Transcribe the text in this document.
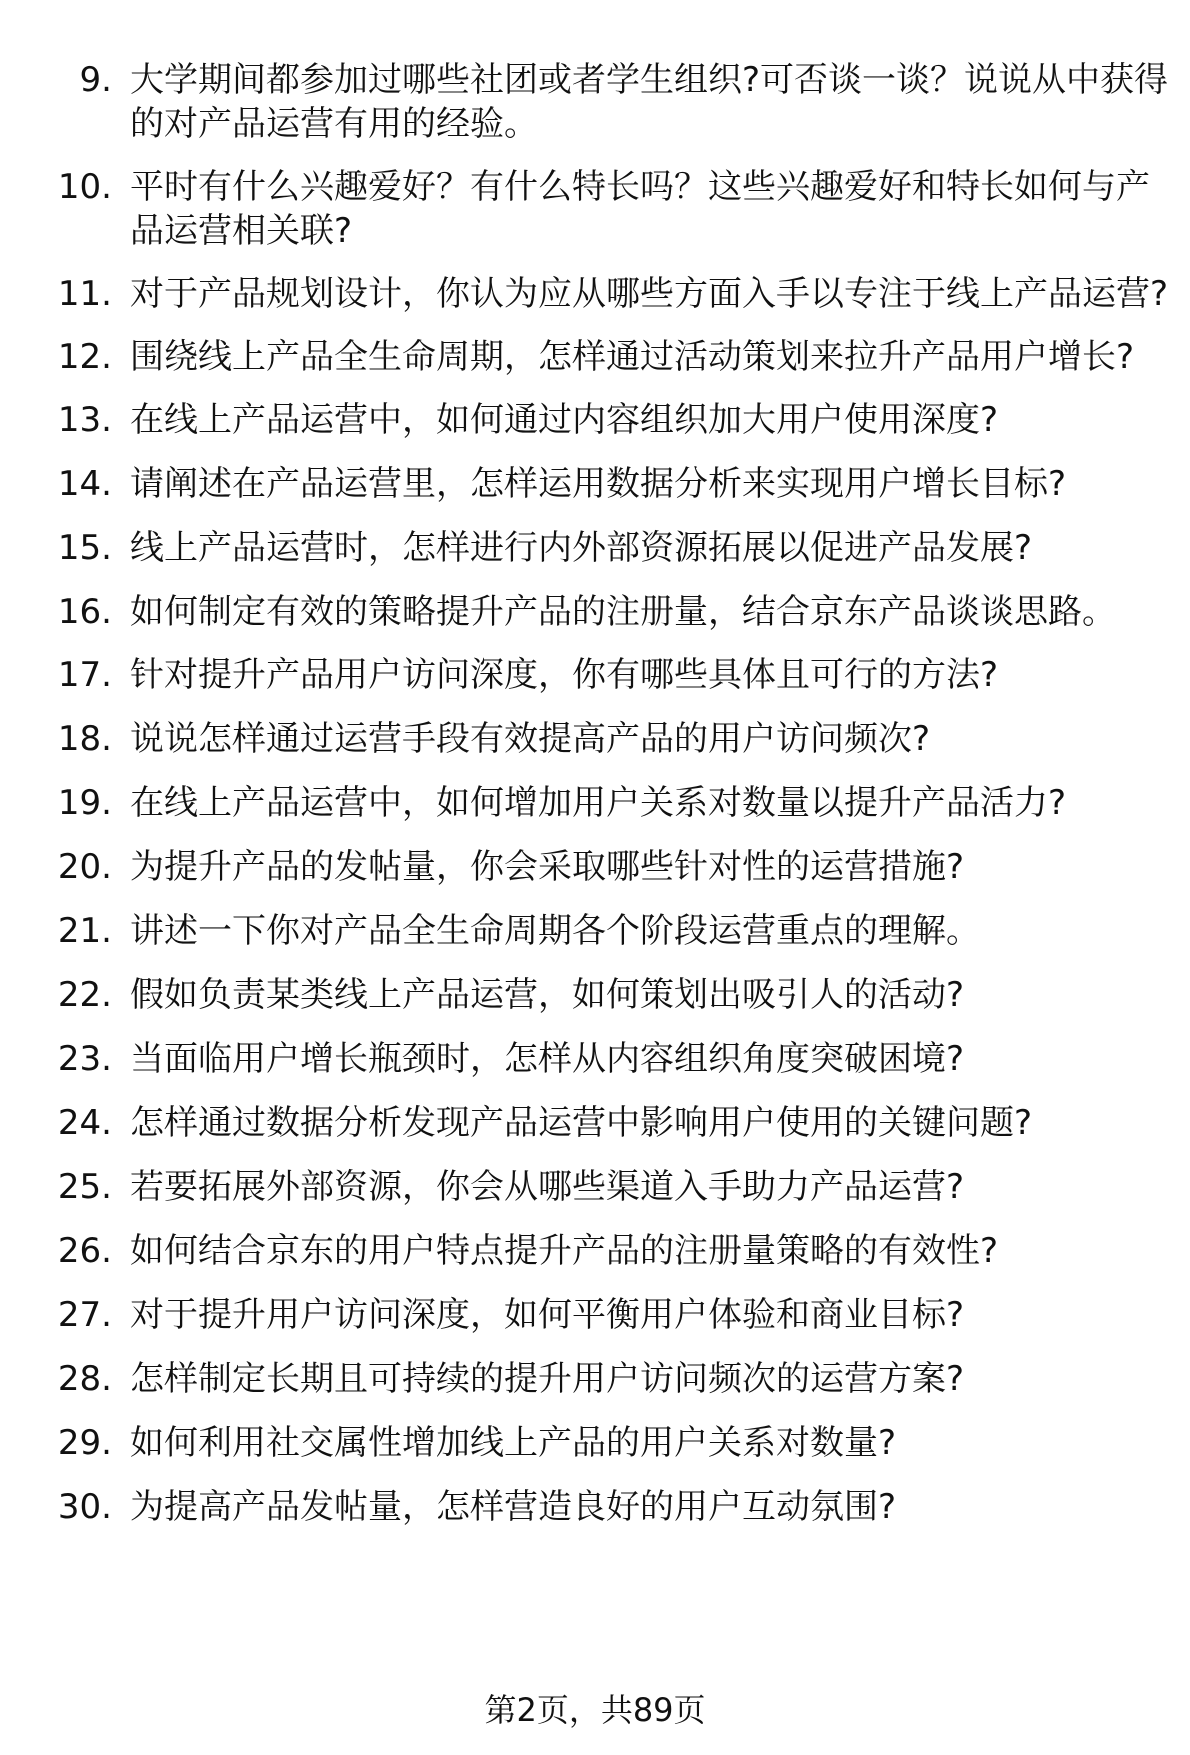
9. 大学期间都参加过哪些社团或者学生组织?可否谈一谈？说说从中获得的对产品运营有用的经验。
10. 平时有什么兴趣爱好？有什么特长吗？这些兴趣爱好和特长如何与产品运营相关联?
11. 对于产品规划设计，你认为应从哪些方面入手以专注于线上产品运营?
12. 围绕线上产品全生命周期，怎样通过活动策划来拉升产品用户增长?
13. 在线上产品运营中，如何通过内容组织加大用户使用深度?
14. 请阐述在产品运营里，怎样运用数据分析来实现用户增长目标?
15. 线上产品运营时，怎样进行内外部资源拓展以促进产品发展?
16. 如何制定有效的策略提升产品的注册量，结合京东产品谈谈思路。
17. 针对提升产品用户访问深度，你有哪些具体且可行的方法?
18. 说说怎样通过运营手段有效提高产品的用户访问频次?
19. 在线上产品运营中，如何增加用户关系对数量以提升产品活力?
20. 为提升产品的发帖量，你会采取哪些针对性的运营措施?
21. 讲述一下你对产品全生命周期各个阶段运营重点的理解。
22. 假如负责某类线上产品运营，如何策划出吸引人的活动?
23. 当面临用户增长瓶颈时，怎样从内容组织角度突破困境?
24. 怎样通过数据分析发现产品运营中影响用户使用的关键问题?
25. 若要拓展外部资源，你会从哪些渠道入手助力产品运营?
26. 如何结合京东的用户特点提升产品的注册量策略的有效性?
27. 对于提升用户访问深度，如何平衡用户体验和商业目标?
28. 怎样制定长期且可持续的提升用户访问频次的运营方案?
29. 如何利用社交属性增加线上产品的用户关系对数量?
30. 为提高产品发帖量，怎样营造良好的用户互动氛围?
第2页，共89页
